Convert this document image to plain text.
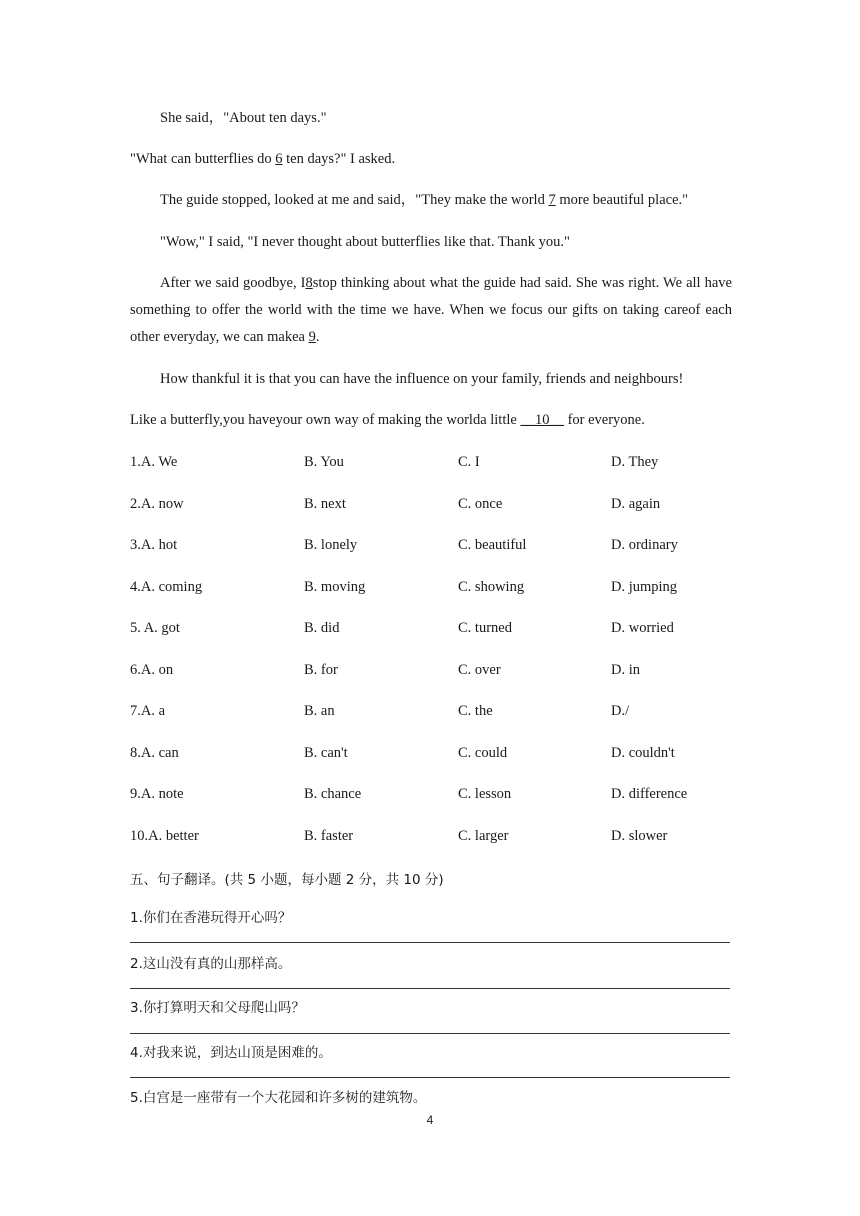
She said，"About ten days."

"What can butterflies do 6 ten days?" I asked.

The guide stopped, looked at me and said，"They make the world 7 more beautiful place."

"Wow," I said, "I never thought about butterflies like that. Thank you."

After we said goodbye, I8stop thinking about what the guide had said. She was right. We all have something to offer the world with the time we have. When we focus our gifts on taking careof each other everyday, we can makea 9.

How thankful it is that you can have the influence on your family, friends and neighbours!

Like a butterfly,you haveyour own way of making the worlda little __10__ for everyone.

1.A. We	B. You	C. I	D. They
2.A. now	B. next	C. once	D. again
3.A. hot	B. lonely	C. beautiful	D. ordinary
4.A. coming	B. moving	C. showing	D. jumping
5. A. got	B. did	C. turned	D. worried
6.A. on	B. for	C. over	D. in
7.A. a	B. an	C. the	D./
8.A. can	B. can't	C. could	D. couldn't
9.A. note	B. chance	C. lesson	D. difference
10.A. better	B. faster	C. larger	D. slower
五、句子翻译。(共 5 小题，每小题 2 分，共 10 分)
1.你们在香港玩得开心吗？
2.这山没有真的山那样高。
3.你打算明天和父母爬山吗？
4.对我来说，到达山顶是困难的。
5.白宫是一座带有一个大花园和许多树的建筑物。
4
